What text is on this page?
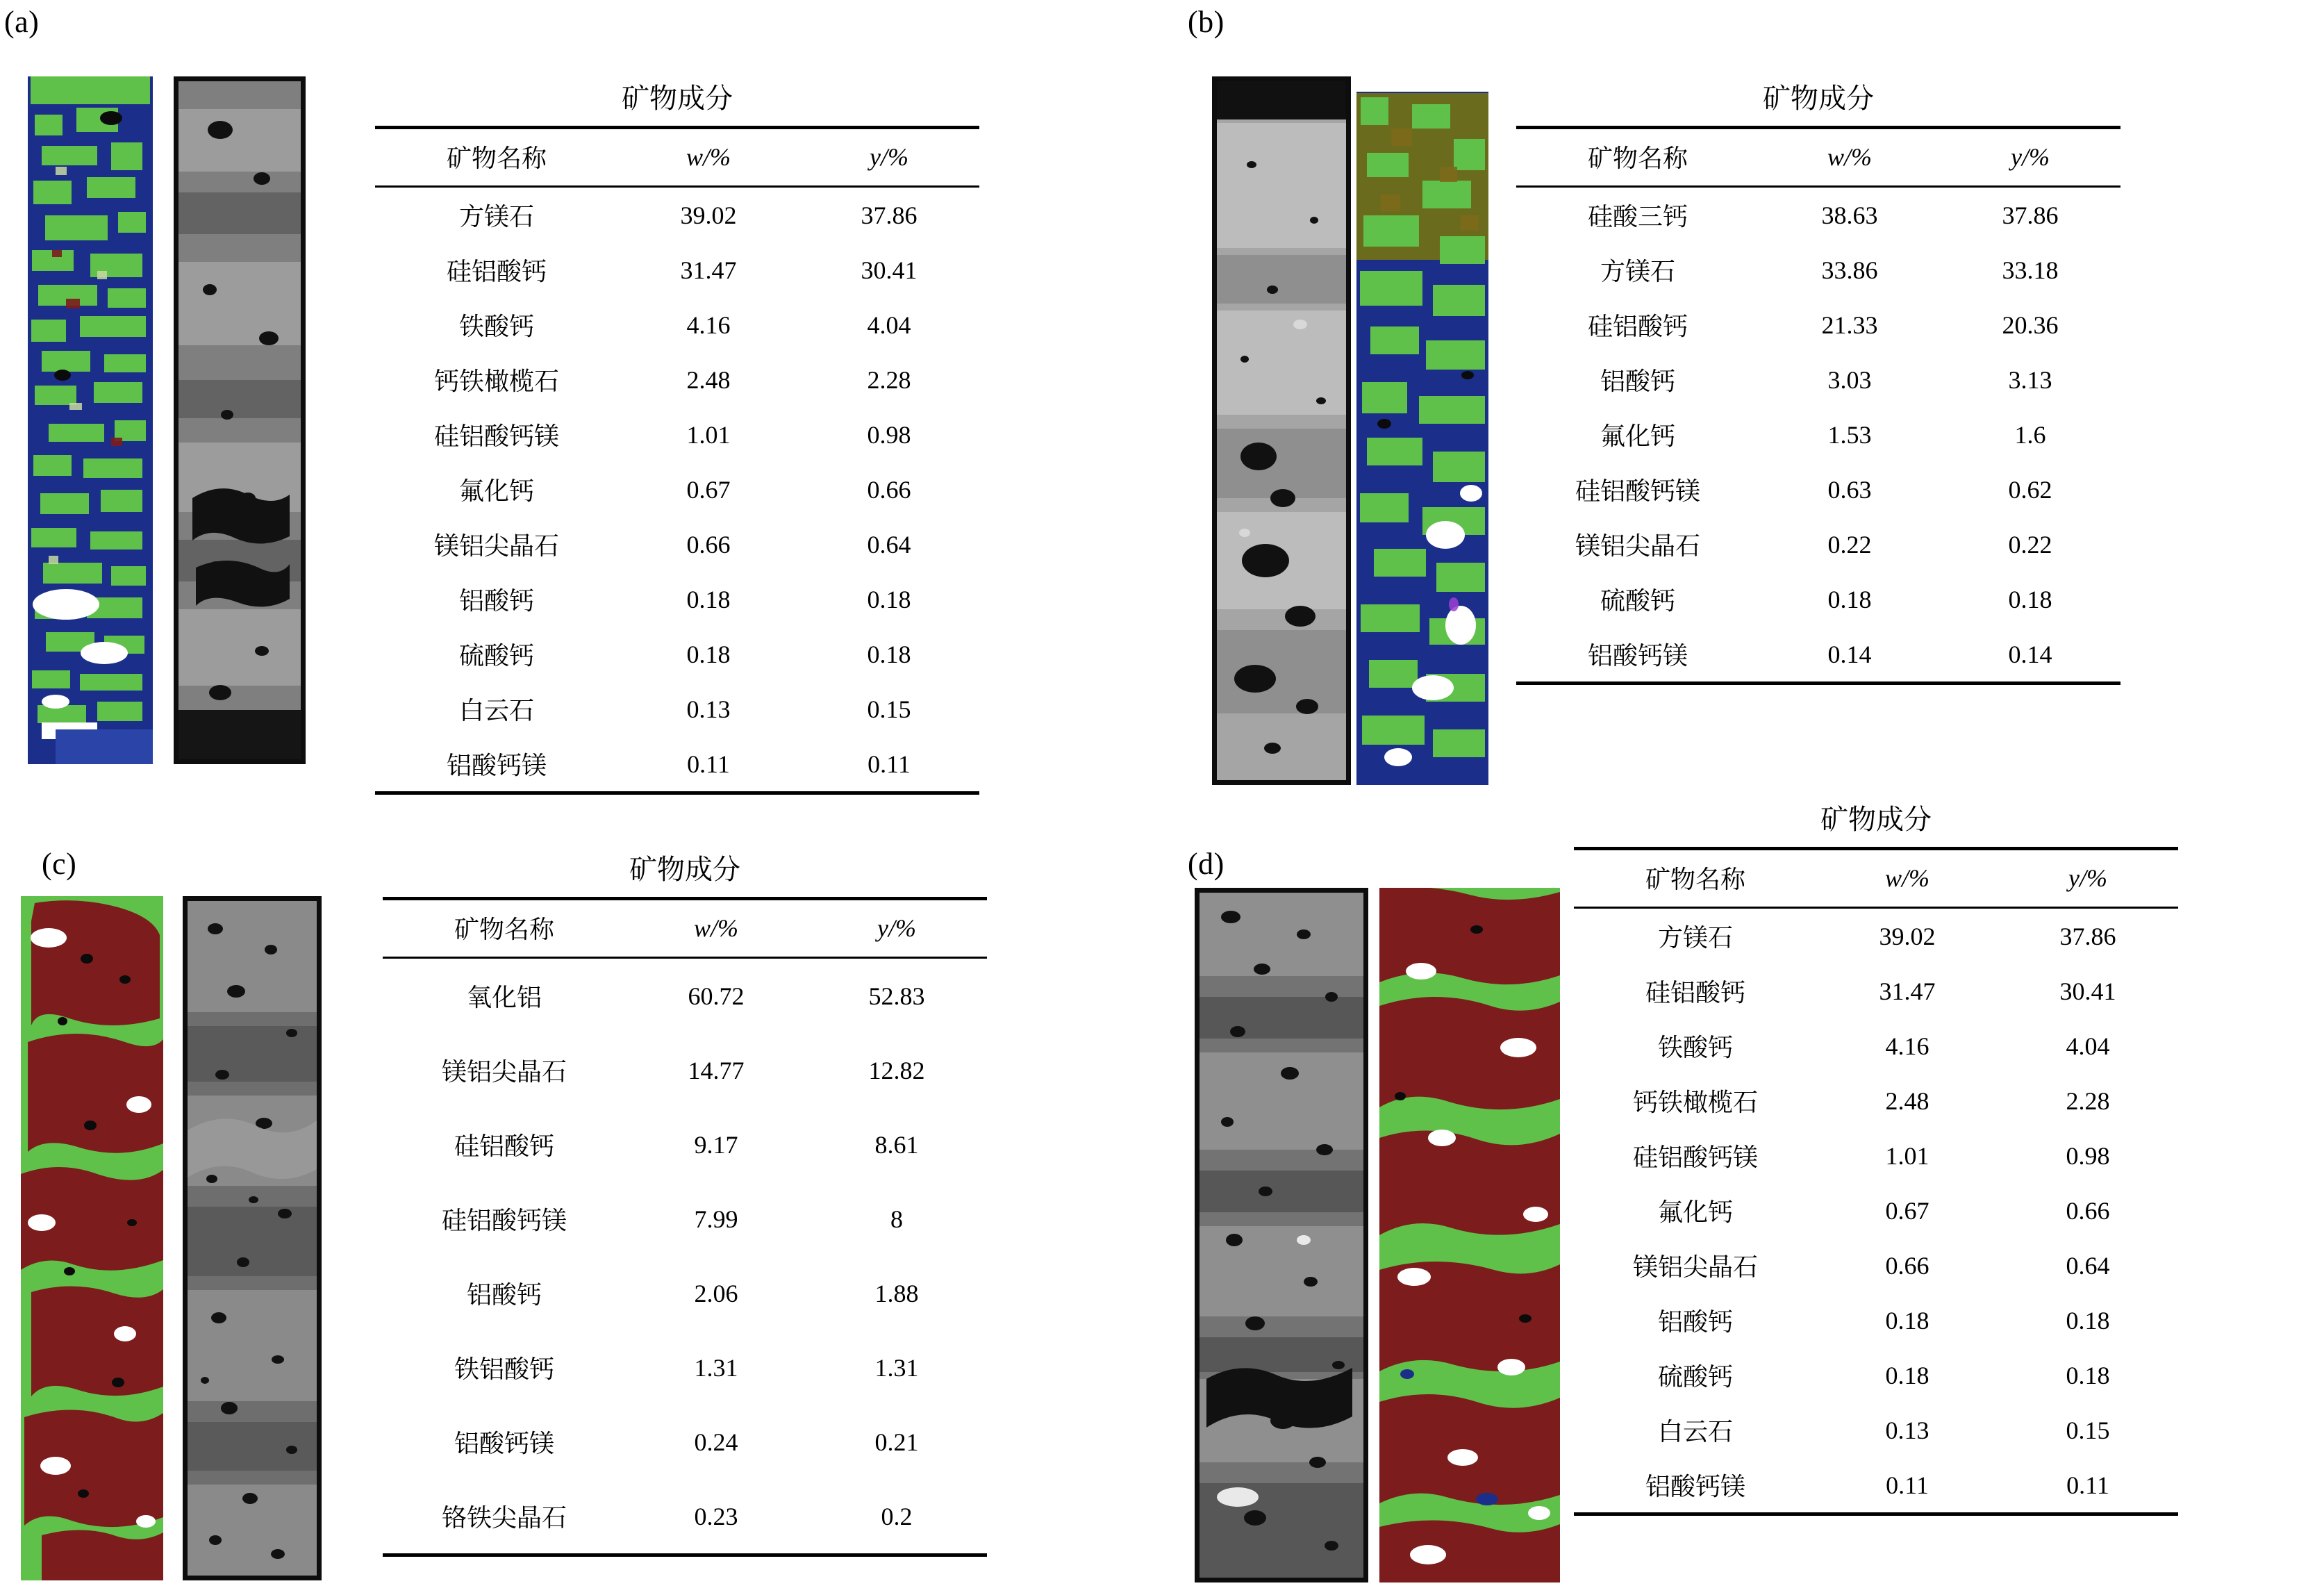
(a)
矿物成分
矿物名称	w/%	y/%
方镁石	39.02	37.86
硅铝酸钙	31.47	30.41
铁酸钙	4.16	4.04
钙铁橄榄石	2.48	2.28
硅铝酸钙镁	1.01	0.98
氟化钙	0.67	0.66
镁铝尖晶石	0.66	0.64
铝酸钙	0.18	0.18
硫酸钙	0.18	0.18
白云石	0.13	0.15
铝酸钙镁	0.11	0.11
(b)
矿物成分
矿物名称	w/%	y/%
硅酸三钙	38.63	37.86
方镁石	33.86	33.18
硅铝酸钙	21.33	20.36
铝酸钙	3.03	3.13
氟化钙	1.53	1.6
硅铝酸钙镁	0.63	0.62
镁铝尖晶石	0.22	0.22
硫酸钙	0.18	0.18
铝酸钙镁	0.14	0.14
(c)	矿物成分
矿物名称	w/%	y/%
氧化铝	60.72	52.83
镁铝尖晶石	14.77	12.82
硅铝酸钙	9.17	8.61
硅铝酸钙镁	7.99	8
铝酸钙	2.06	1.88
铁铝酸钙	1.31	1.31
铝酸钙镁	0.24	0.21
铬铁尖晶石	0.23	0.2
(d)
矿物成分
矿物名称	w/%	y/%
方镁石	39.02	37.86
硅铝酸钙	31.47	30.41
铁酸钙	4.16	4.04
钙铁橄榄石	2.48	2.28
硅铝酸钙镁	1.01	0.98
氟化钙	0.67	0.66
镁铝尖晶石	0.66	0.64
铝酸钙	0.18	0.18
硫酸钙	0.18	0.18
白云石	0.13	0.15
铝酸钙镁	0.11	0.11
